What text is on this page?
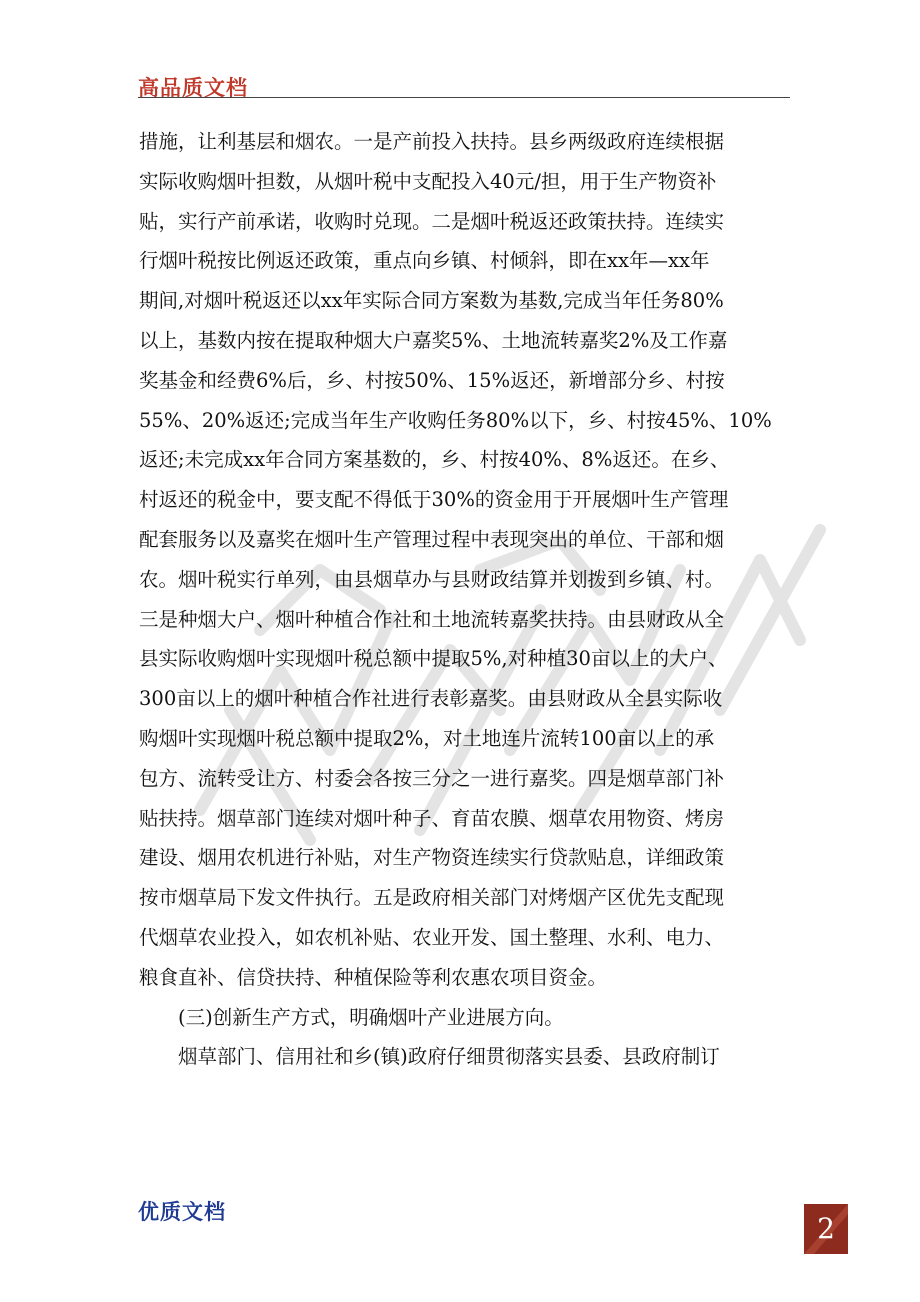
高品质文档
措施，让利基层和烟农。一是产前投入扶持。县乡两级政府连续根据
实际收购烟叶担数，从烟叶税中支配投入40元/担，用于生产物资补
贴，实行产前承诺，收购时兑现。二是烟叶税返还政策扶持。连续实
行烟叶税按比例返还政策，重点向乡镇、村倾斜，即在xx年—xx年
期间,对烟叶税返还以xx年实际合同方案数为基数,完成当年任务80%
以上，基数内按在提取种烟大户嘉奖5%、土地流转嘉奖2%及工作嘉
奖基金和经费6%后，乡、村按50%、15%返还，新增部分乡、村按
55%、20%返还;完成当年生产收购任务80%以下，乡、村按45%、10%
返还;未完成xx年合同方案基数的，乡、村按40%、8%返还。在乡、
村返还的税金中，要支配不得低于30%的资金用于开展烟叶生产管理
配套服务以及嘉奖在烟叶生产管理过程中表现突出的单位、干部和烟
农。烟叶税实行单列，由县烟草办与县财政结算并划拨到乡镇、村。
三是种烟大户、烟叶种植合作社和土地流转嘉奖扶持。由县财政从全
县实际收购烟叶实现烟叶税总额中提取5%,对种植30亩以上的大户、
300亩以上的烟叶种植合作社进行表彰嘉奖。由县财政从全县实际收
购烟叶实现烟叶税总额中提取2%，对土地连片流转100亩以上的承
包方、流转受让方、村委会各按三分之一进行嘉奖。四是烟草部门补
贴扶持。烟草部门连续对烟叶种子、育苗农膜、烟草农用物资、烤房
建设、烟用农机进行补贴，对生产物资连续实行贷款贴息，详细政策
按市烟草局下发文件执行。五是政府相关部门对烤烟产区优先支配现
代烟草农业投入，如农机补贴、农业开发、国土整理、水利、电力、
粮食直补、信贷扶持、种植保险等利农惠农项目资金。
(三)创新生产方式，明确烟叶产业进展方向。
烟草部门、信用社和乡(镇)政府仔细贯彻落实县委、县政府制订
优质文档	2
